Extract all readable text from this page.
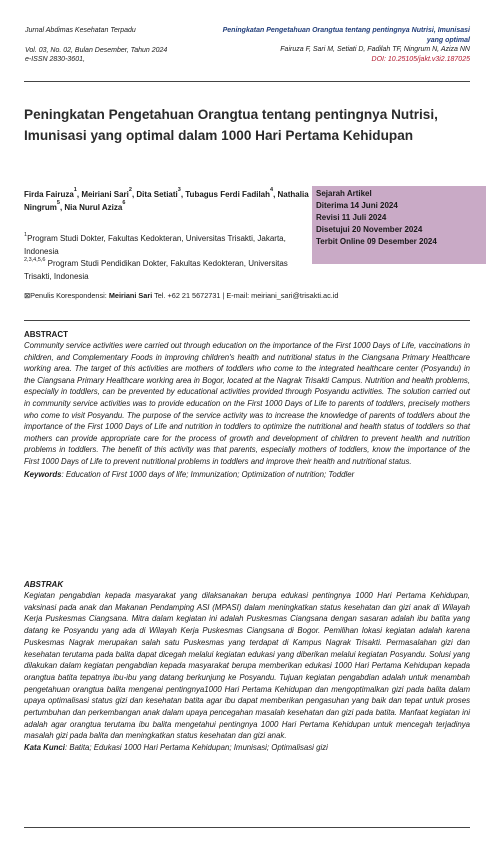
Jurnal Abdimas Kesehatan Terpadu
Vol. 03, No. 02, Bulan Desember, Tahun 2024
e-ISSN 2830-3601,
Peningkatan Pengetahuan Orangtua tentang pentingnya Nutrisi, Imunisasi yang optimal
Fairuza F, Sari M, Setiati D, Fadilah TF, Ningrum N, Aziza NN
DOI: 10.25105/jakt.v3i2.187025
Peningkatan Pengetahuan Orangtua tentang pentingnya Nutrisi, Imunisasi yang optimal dalam 1000 Hari Pertama Kehidupan
Firda Fairuza$^1$, Meiriani Sari$^2$, Dita Setiati$^3$, Tubagus Ferdi Fadilah$^4$, Nathalia Ningrum$^5$, Nia Nurul Aziza$^6$
Sejarah Artikel
Diterima 14 Juni 2024
Revisi 11 Juli 2024
Disetujui 20 November 2024
Terbit Online 09 Desember 2024
$^1$Program Studi Dokter, Fakultas Kedokteran, Universitas Trisakti, Jakarta, Indonesia
$^{2,3,4,5,6}$ Program Studi Pendidikan Dokter, Fakultas Kedokteran, Universitas Trisakti, Indonesia
⊠Penulis Korespondensi: Meiriani Sari Tel. +62 21 5672731 | E-mail: meiriani_sari@trisakti.ac.id
ABSTRACT
Community service activities were carried out through education on the importance of the First 1000 Days of Life, vaccinations in children, and Complementary Foods in improving children's health and nutritional status in the Ciangsana Primary Healthcare working area. The target of this activities are mothers of toddlers who come to the integrated healthcare center (Posyandu) in the Ciangsana Primary Healthcare working area in Bogor, located at the Nagrak Trisakti Campus. Nutrition and health problems, especially in toddlers, can be prevented by educational activities provided through Posyandu activities. The solution carried out in community service activities was to provide education on the First 1000 Days of Life to parents of toddlers, precisely mothers who come to visit Posyandu. The purpose of the service activity was to increase the knowledge of parents of toddlers about the importance of the First 1000 Days of Life and nutrition in toddlers to optimize the nutritional and health status of toddlers so that mothers can provide appropriate care for the process of growth and development of children to prevent health and nutrition problems in toddlers. The benefit of this activity was that parents, especially mothers of toddlers, know the importance of the First 1000 Days of Life to prevent nutritional problems in toddlers and improve their health and nutritional status.
Keywords: Education of First 1000 days of life; Immunization; Optimization of nutrition; Toddler
ABSTRAK
Kegiatan pengabdian kepada masyarakat yang dilaksanakan berupa edukasi pentingnya 1000 Hari Pertama Kehidupan, vaksinasi pada anak dan Makanan Pendamping ASI (MPASI) dalam meningkatkan status kesehatan dan gizi anak di Wilayah Kerja Puskesmas Ciangsana. Mitra dalam kegiatan ini adalah Puskesmas Ciangsana dengan sasaran adalah ibu batita yang datang ke Posyandu yang ada di Wilayah Kerja Puskesmas Ciangsana di Bogor. Pemilihan lokasi kegiatan adalah karena Puskesmas Nagrak merupakan salah satu Puskesmas yang terdapat di Kampus Nagrak Trisakti. Permasalahan gizi dan kesehatan terutama pada balita dapat dicegah melalui kegiatan edukasi yang diberikan melalui kegiatan Posyandu. Solusi yang dilakukan dalam kegiatan pengabdian kepada masyarakat berupa memberikan edukasi 1000 Hari Pertama Kehidupan kepada orangtua batita tepatnya ibu-ibu yang datang berkunjung ke Posyandu. Tujuan kegiatan pengabdian adalah untuk menambah pengetahuan orangtua balita mengenai pentingnya1000 Hari Pertama Kehidupan dan mengoptimalkan gizi pada balita dalam upaya optimalisasi status gizi dan kesehatan batita agar ibu dapat memberikan pengasuhan yang baik dan tepat untuk proses pertumbuhan dan perkembangan anak dalam upaya pencegahan masalah kesehatan dan gizi pada batita. Manfaat kegiatan ini adalah agar orangtua terutama ibu balita mengetahui pentingnya 1000 Hari Pertama Kehidupan untuk mencegah terjadinya masalah gizi pada balita dan meningkatkan status kesehatan dan gizi anak.
Kata Kunci: Batita; Edukasi 1000 Hari Pertama Kehidupan; Imunisasi; Optimalisasi gizi
